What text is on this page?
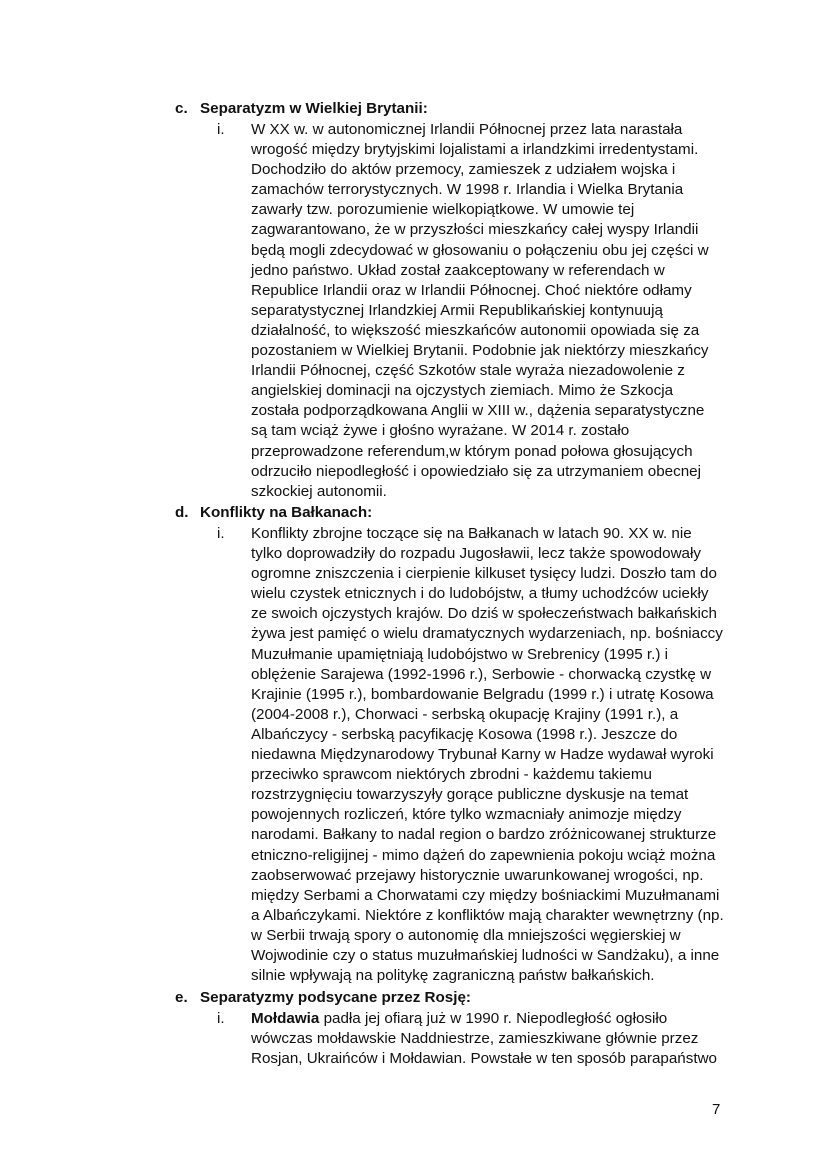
c. Separatyzm w Wielkiej Brytanii:
i. W XX w. w autonomicznej Irlandii Północnej przez lata narastała
wrogość między brytyjskimi lojalistami a irlandzkimi irredentystami.
Dochodziło do aktów przemocy, zamieszek z udziałem wojska i
zamachów terrorystycznych. W 1998 r. Irlandia i Wielka Brytania
zawarły tzw. porozumienie wielkopiątkowe. W umowie tej
zagwarantowano, że w przyszłości mieszkańcy całej wyspy Irlandii
będą mogli zdecydować w głosowaniu o połączeniu obu jej części w
jedno państwo. Układ został zaakceptowany w referendach w
Republice Irlandii oraz w Irlandii Północnej. Choć niektóre odłamy
separatystycznej Irlandzkiej Armii Republikańskiej kontynuują
działalność, to większość mieszkańców autonomii opowiada się za
pozostaniem w Wielkiej Brytanii. Podobnie jak niektórzy mieszkańcy
Irlandii Północnej, część Szkotów stale wyraża niezadowolenie z
angielskiej dominacji na ojczystych ziemiach. Mimo że Szkocja
została podporządkowana Anglii w XIII w., dążenia separatystyczne
są tam wciąż żywe i głośno wyrażane. W 2014 r. zostało
przeprowadzone referendum,w którym ponad połowa głosujących
odrzuciło niepodległość i opowiedziało się za utrzymaniem obecnej
szkockiej autonomii.
d. Konflikty na Bałkanach:
i. Konflikty zbrojne toczące się na Bałkanach w latach 90. XX w. nie
tylko doprowadziły do rozpadu Jugosławii, lecz także spowodowały
ogromne zniszczenia i cierpienie kilkuset tysięcy ludzi. Doszło tam do
wielu czystek etnicznych i do ludobójstw, a tłumy uchodźców uciekły
ze swoich ojczystych krajów. Do dziś w społeczeństwach bałkańskich
żywa jest pamięć o wielu dramatycznych wydarzeniach, np. bośniaccy
Muzułmanie upamiętniają ludobójstwo w Srebrenicy (1995 r.) i
oblężenie Sarajewa (1992-1996 r.), Serbowie - chorwacką czystkę w
Krajinie (1995 r.), bombardowanie Belgradu (1999 r.) i utratę Kosowa
(2004-2008 r.), Chorwaci - serbską okupację Krajiny (1991 r.), a
Albańczycy - serbską pacyfikację Kosowa (1998 r.). Jeszcze do
niedawna Międzynarodowy Trybunał Karny w Hadze wydawał wyroki
przeciwko sprawcom niektórych zbrodni - każdemu takiemu
rozstrzygnięciu towarzyszyły gorące publiczne dyskusje na temat
powojennych rozliczeń, które tylko wzmacniały animozje między
narodami. Bałkany to nadal region o bardzo zróżnicowanej strukturze
etniczno-religijnej - mimo dążeń do zapewnienia pokoju wciąż można
zaobserwować przejawy historycznie uwarunkowanej wrogości, np.
między Serbami a Chorwatami czy między bośniackimi Muzułmanami
a Albańczykami. Niektóre z konfliktów mają charakter wewnętrzny (np.
w Serbii trwają spory o autonomię dla mniejszości węgierskiej w
Wojwodinie czy o status muzułmańskiej ludności w Sandżaku), a inne
silnie wpływają na politykę zagraniczną państw bałkańskich.
e. Separatyzmy podsycane przez Rosję:
i. Mołdawia padła jej ofiarą już w 1990 r. Niepodległość ogłosiło
wówczas mołdawskie Naddniestrze, zamieszkiwane głównie przez
Rosjan, Ukraińców i Mołdawian. Powstałe w ten sposób parapaństwo
7
